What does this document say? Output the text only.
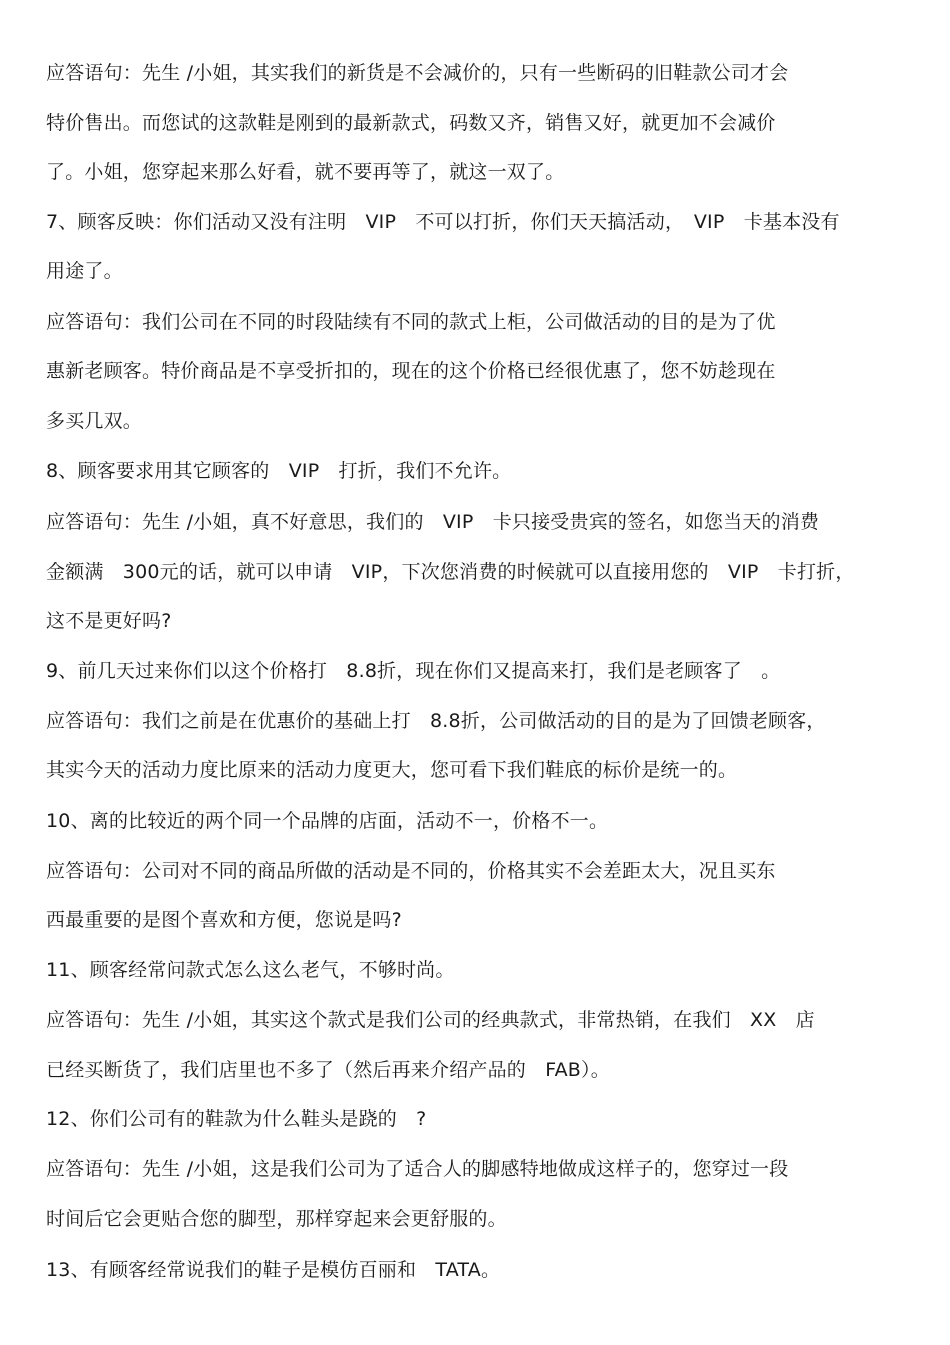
应答语句：先生 /小姐，其实我们的新货是不会减价的，只有一些断码的旧鞋款公司才会
特价售出。而您试的这款鞋是刚到的最新款式，码数又齐，销售又好，就更加不会减价
了。小姐，您穿起来那么好看，就不要再等了，就这一双了。
7、顾客反映：你们活动又没有注明　VIP　不可以打折，你们天天搞活动，　VIP　卡基本没有
用途了。
应答语句：我们公司在不同的时段陆续有不同的款式上柜，公司做活动的目的是为了优
惠新老顾客。特价商品是不享受折扣的，现在的这个价格已经很优惠了，您不妨趁现在
多买几双。
8、顾客要求用其它顾客的　VIP　打折，我们不允许。
应答语句：先生 /小姐，真不好意思，我们的　VIP　卡只接受贵宾的签名，如您当天的消费
金额满　300元的话，就可以申请　VIP，下次您消费的时候就可以直接用您的　VIP　卡打折，
这不是更好吗?
9、前几天过来你们以这个价格打　8.8折，现在你们又提高来打，我们是老顾客了　。
应答语句：我们之前是在优惠价的基础上打　8.8折，公司做活动的目的是为了回馈老顾客，
其实今天的活动力度比原来的活动力度更大，您可看下我们鞋底的标价是统一的。
10、离的比较近的两个同一个品牌的店面，活动不一，价格不一。
应答语句：公司对不同的商品所做的活动是不同的，价格其实不会差距太大，况且买东
西最重要的是图个喜欢和方便，您说是吗?
11、顾客经常问款式怎么这么老气，不够时尚。
应答语句：先生 /小姐，其实这个款式是我们公司的经典款式，非常热销，在我们　XX　店
已经买断货了，我们店里也不多了（然后再来介绍产品的　FAB）。
12、你们公司有的鞋款为什么鞋头是跷的　?
应答语句：先生 /小姐，这是我们公司为了适合人的脚感特地做成这样子的，您穿过一段
时间后它会更贴合您的脚型，那样穿起来会更舒服的。
13、有顾客经常说我们的鞋子是模仿百丽和　TATA。
